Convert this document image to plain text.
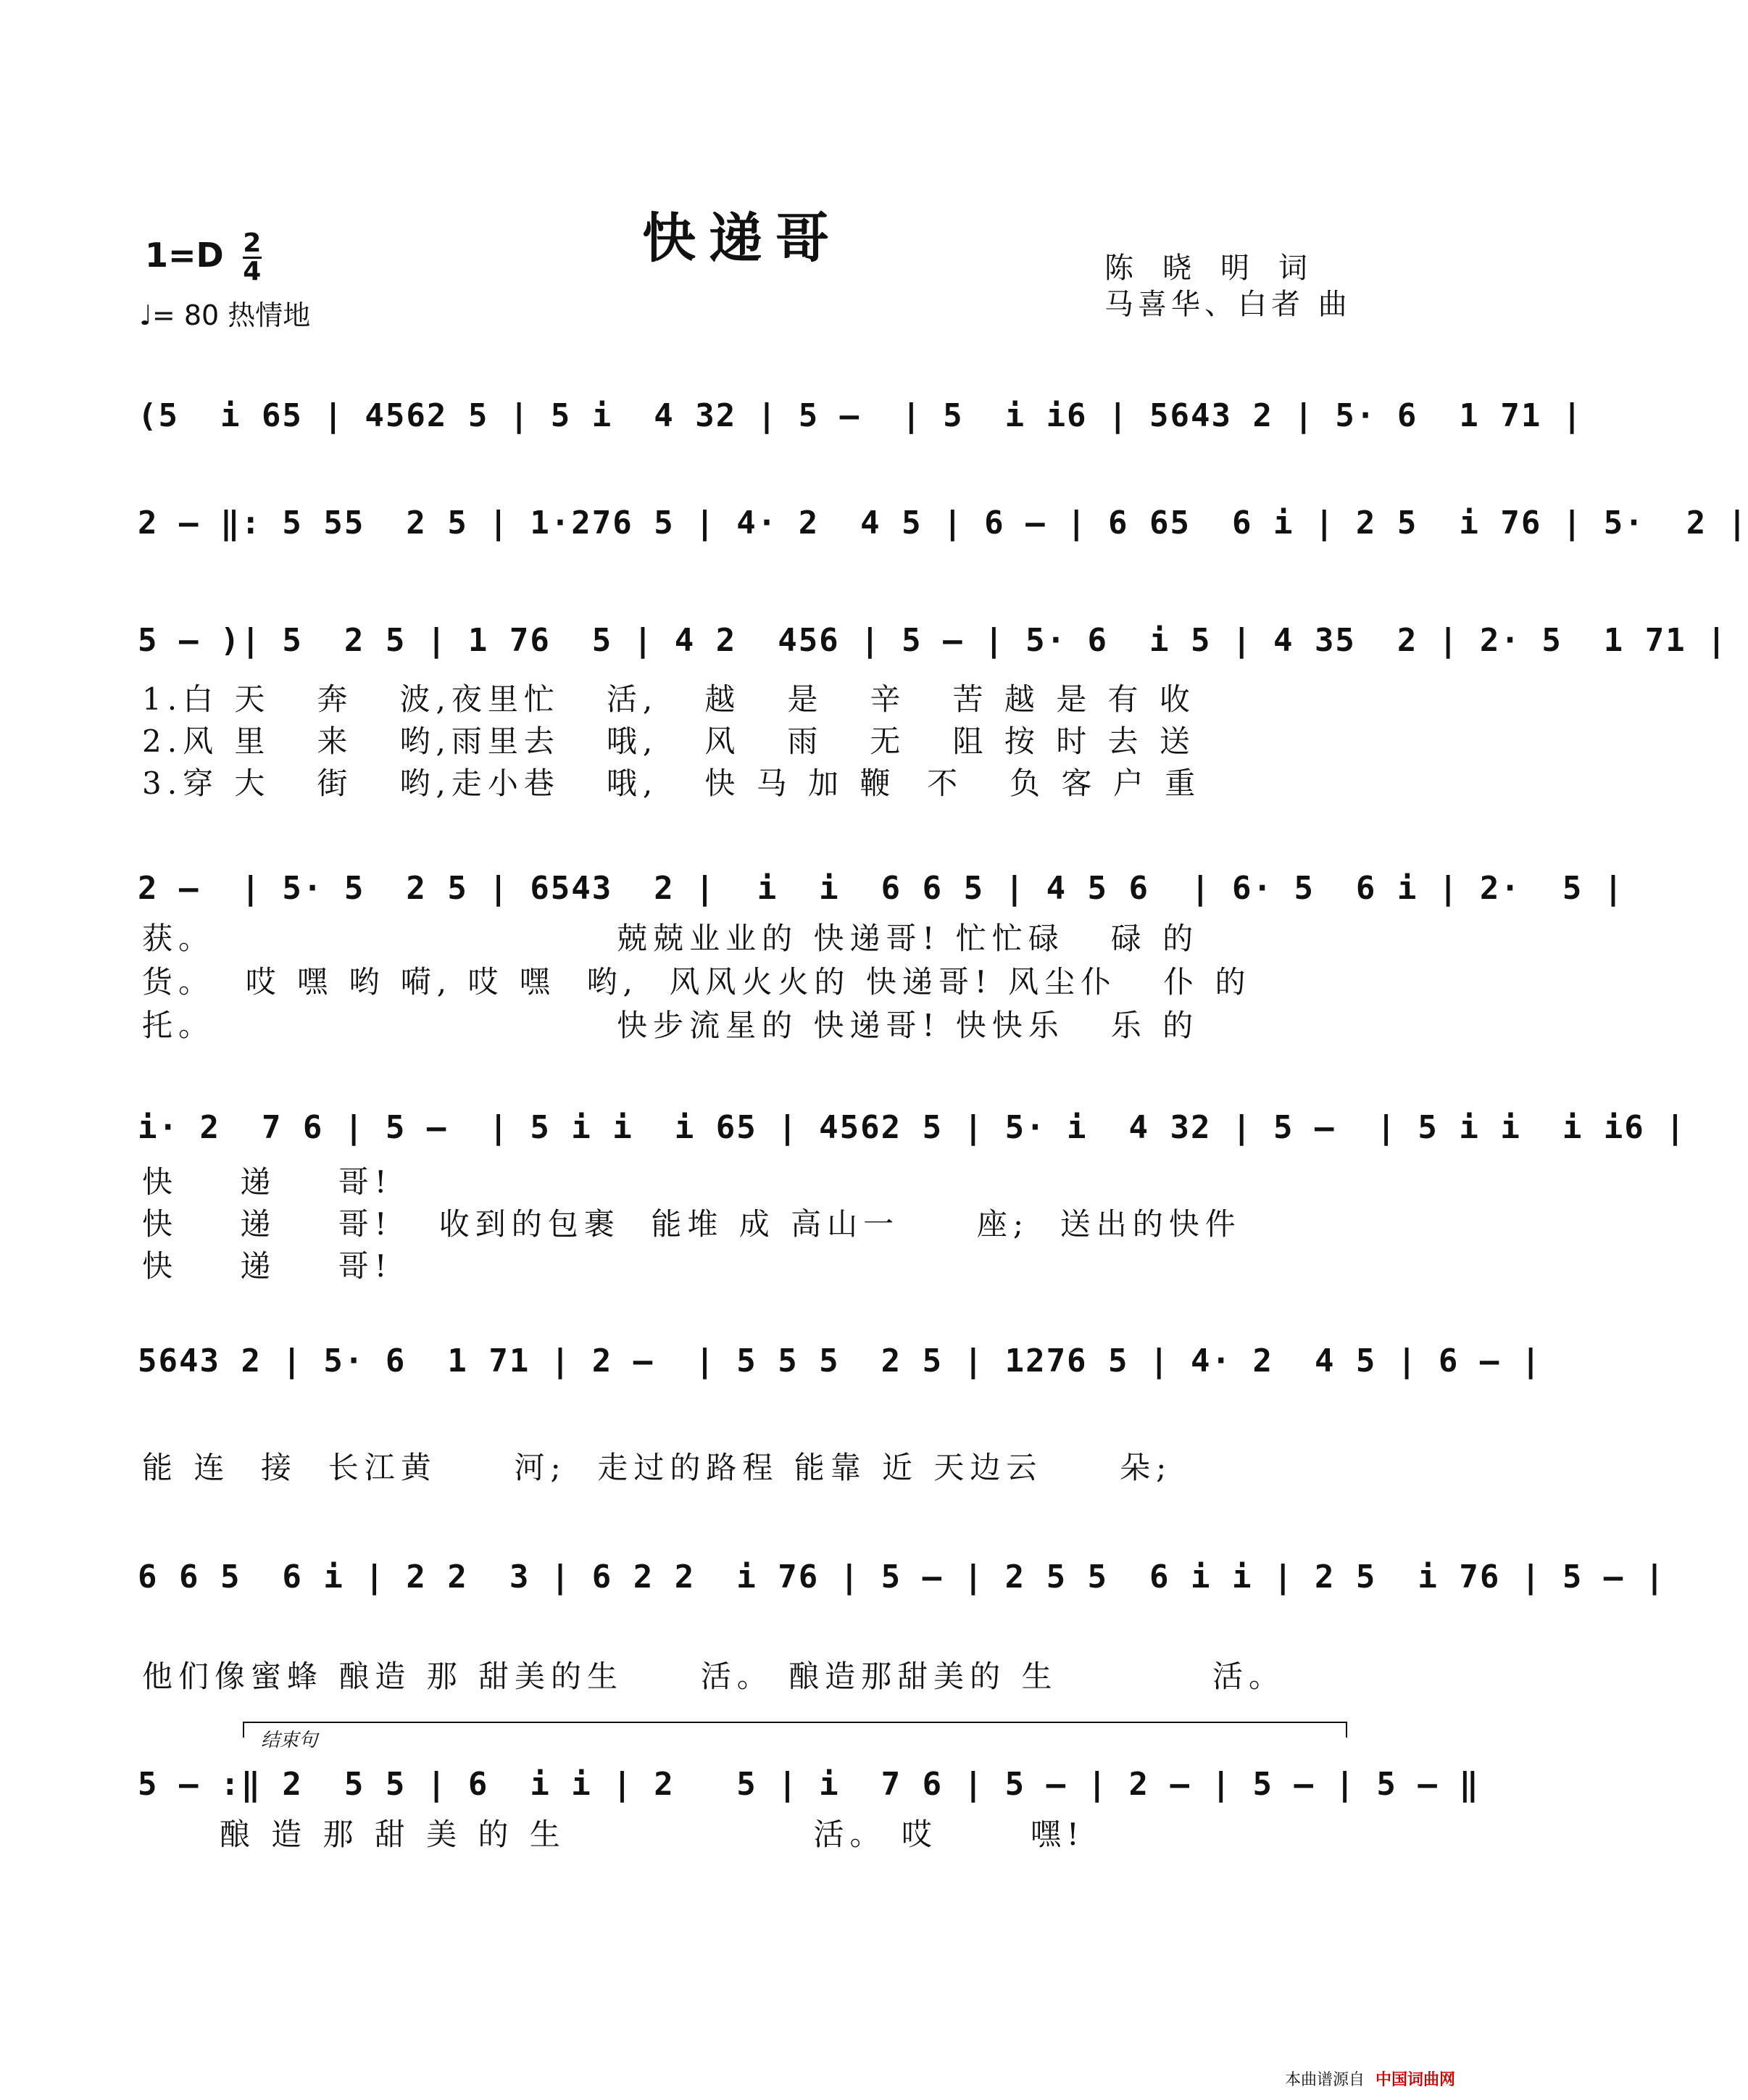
快递哥
$1=D \frac{2}{4}$
♩= 80 热情地
陈晓明词
马喜华、白者 曲
(5  i 65 | 4562 5 | 5 i  4 32 | 5 –  | 5  i i6 | 5643 2 | 5· 6  1 71 |
2 – ‖: 5 55  2 5 | 1·276 5 | 4· 2  4 5 | 6 – | 6 65  6 i | 2 5  i 76 | 5·  2 |
5 – )| 5  2 5 | 1 76  5 | 4 2  456 | 5 – | 5· 6  i 5 | 4 35  2 | 2· 5  1 71 |
1.白 天   奔   波,夜里忙   活,   越   是   辛   苦 越 是 有 收
2.风 里   来   哟,雨里去   哦,   风   雨   无   阻 按 时 去 送
3.穿 大   街   哟,走小巷   哦,   快 马 加 鞭  不   负 客 户 重
2 –  | 5· 5  2 5 | 6543  2 |  i  i  6 6 5 | 4 5 6  | 6· 5  6 i | 2·  5 |
获。                          兢兢业业的 快递哥! 忙忙碌   碌 的
货。  哎 嘿 哟 嗬, 哎 嘿  哟,  风风火火的 快递哥! 风尘仆   仆 的
托。                          快步流星的 快递哥! 快快乐   乐 的
i· 2  7 6 | 5 –  | 5 i i  i 65 | 4562 5 | 5· i  4 32 | 5 –  | 5 i i  i i6 |
快    递    哥!
快    递    哥!   收到的包裹  能堆 成 高山一     座;  送出的快件
快    递    哥!
5643 2 | 5· 6  1 71 | 2 –  | 5 5 5  2 5 | 1276 5 | 4· 2  4 5 | 6 – |
能 连  接  长江黄     河;  走过的路程 能靠 近 天边云     朵;
6 6 5  6 i | 2 2  3 | 6 2 2  i 76 | 5 – | 2 5 5  6 i i | 2 5  i 76 | 5 – |
他们像蜜蜂 酿造 那 甜美的生     活。 酿造那甜美的 生          活。
结束句
5 – :‖ 2  5 5 | 6  i i | 2   5 | i  7 6 | 5 – | 2 – | 5 – | 5 – ‖
酿 造 那 甜 美 的 生                活。 哎      嘿!
本曲谱源自 中国词曲网
